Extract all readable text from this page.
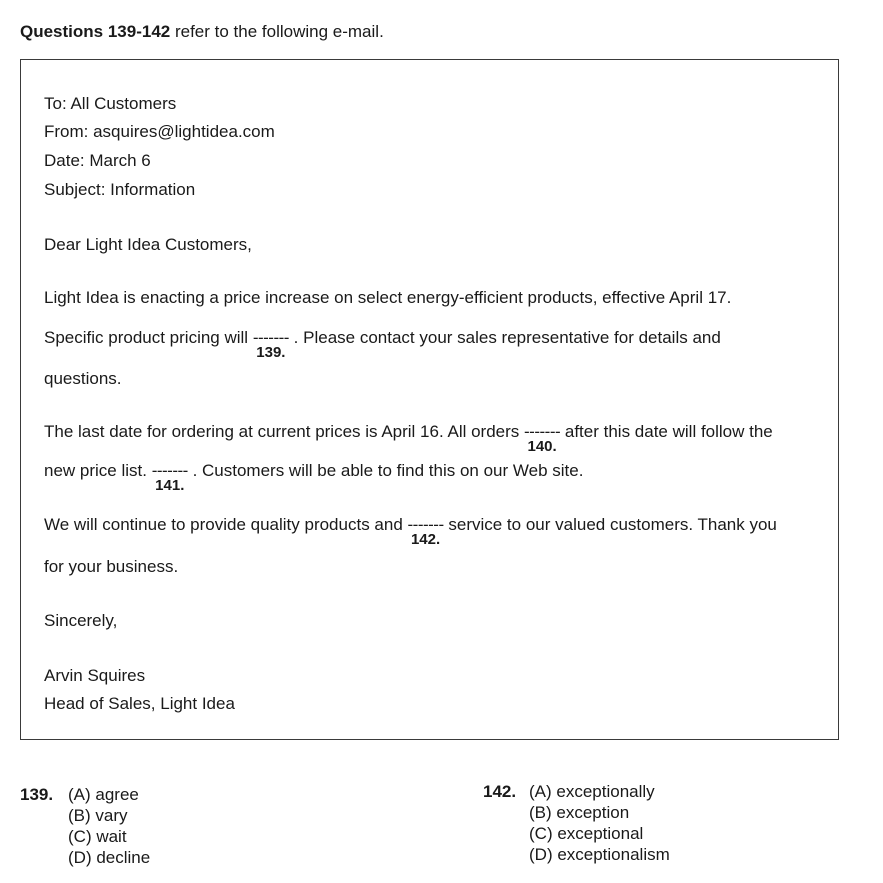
Questions 139-142 refer to the following e-mail.
To: All Customers
From: asquires@lightidea.com
Date: March 6
Subject: Information
Dear Light Idea Customers,
Light Idea is enacting a price increase on select energy-efficient products, effective April 17.
Specific product pricing will -------
139.
. Please contact your sales representative for details and
questions.
The last date for ordering at current prices is April 16. All orders -------
140.
after this date will follow the
new price list. -------
141.
. Customers will be able to find this on our Web site.
We will continue to provide quality products and -------
142.
service to our valued customers. Thank you
for your business.
Sincerely,
Arvin Squires
Head of Sales, Light Idea
139. (A) agree
(B) vary
(C) wait
(D) decline
142. (A) exceptionally
(B) exception
(C) exceptional
(D) exceptionalism
